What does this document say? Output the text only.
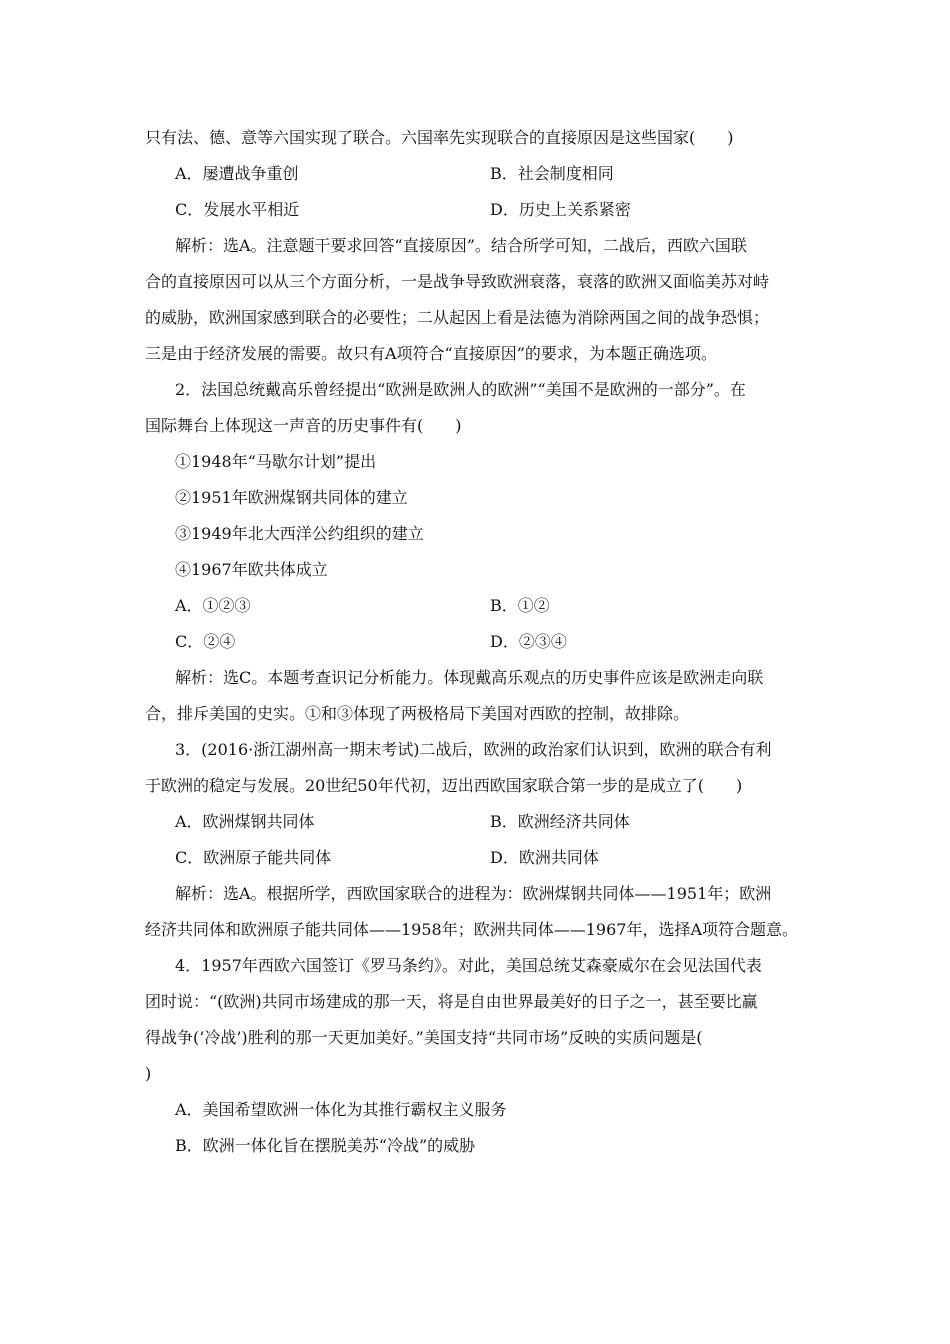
只有法、德、意等六国实现了联合。六国率先实现联合的直接原因是这些国家(　　)
A．屡遭战争重创	B．社会制度相同
C．发展水平相近	D．历史上关系紧密
解析：选A。注意题干要求回答“直接原因”。结合所学可知，二战后，西欧六国联
合的直接原因可以从三个方面分析，一是战争导致欧洲衰落，衰落的欧洲又面临美苏对峙
的威胁，欧洲国家感到联合的必要性；二从起因上看是法德为消除两国之间的战争恐惧；
三是由于经济发展的需要。故只有A项符合“直接原因”的要求，为本题正确选项。
2．法国总统戴高乐曾经提出“欧洲是欧洲人的欧洲”“美国不是欧洲的一部分”。在
国际舞台上体现这一声音的历史事件有(　　)
①1948年“马歇尔计划”提出
②1951年欧洲煤钢共同体的建立
③1949年北大西洋公约组织的建立
④1967年欧共体成立
A．①②③	B．①②
C．②④	D．②③④
解析：选C。本题考查识记分析能力。体现戴高乐观点的历史事件应该是欧洲走向联
合，排斥美国的史实。①和③体现了两极格局下美国对西欧的控制，故排除。
3．(2016·浙江湖州高一期末考试)二战后，欧洲的政治家们认识到，欧洲的联合有利
于欧洲的稳定与发展。20世纪50年代初，迈出西欧国家联合第一步的是成立了(　　)
A．欧洲煤钢共同体	B．欧洲经济共同体
C．欧洲原子能共同体	D．欧洲共同体
解析：选A。根据所学，西欧国家联合的进程为：欧洲煤钢共同体——1951年；欧洲
经济共同体和欧洲原子能共同体——1958年；欧洲共同体——1967年，选择A项符合题意。
4．1957年西欧六国签订《罗马条约》。对此，美国总统艾森豪威尔在会见法国代表
团时说：“(欧洲)共同市场建成的那一天，将是自由世界最美好的日子之一，甚至要比赢
得战争(‘冷战’)胜利的那一天更加美好。”美国支持“共同市场”反映的实质问题是(
)
A．美国希望欧洲一体化为其推行霸权主义服务
B．欧洲一体化旨在摆脱美苏“冷战”的威胁
